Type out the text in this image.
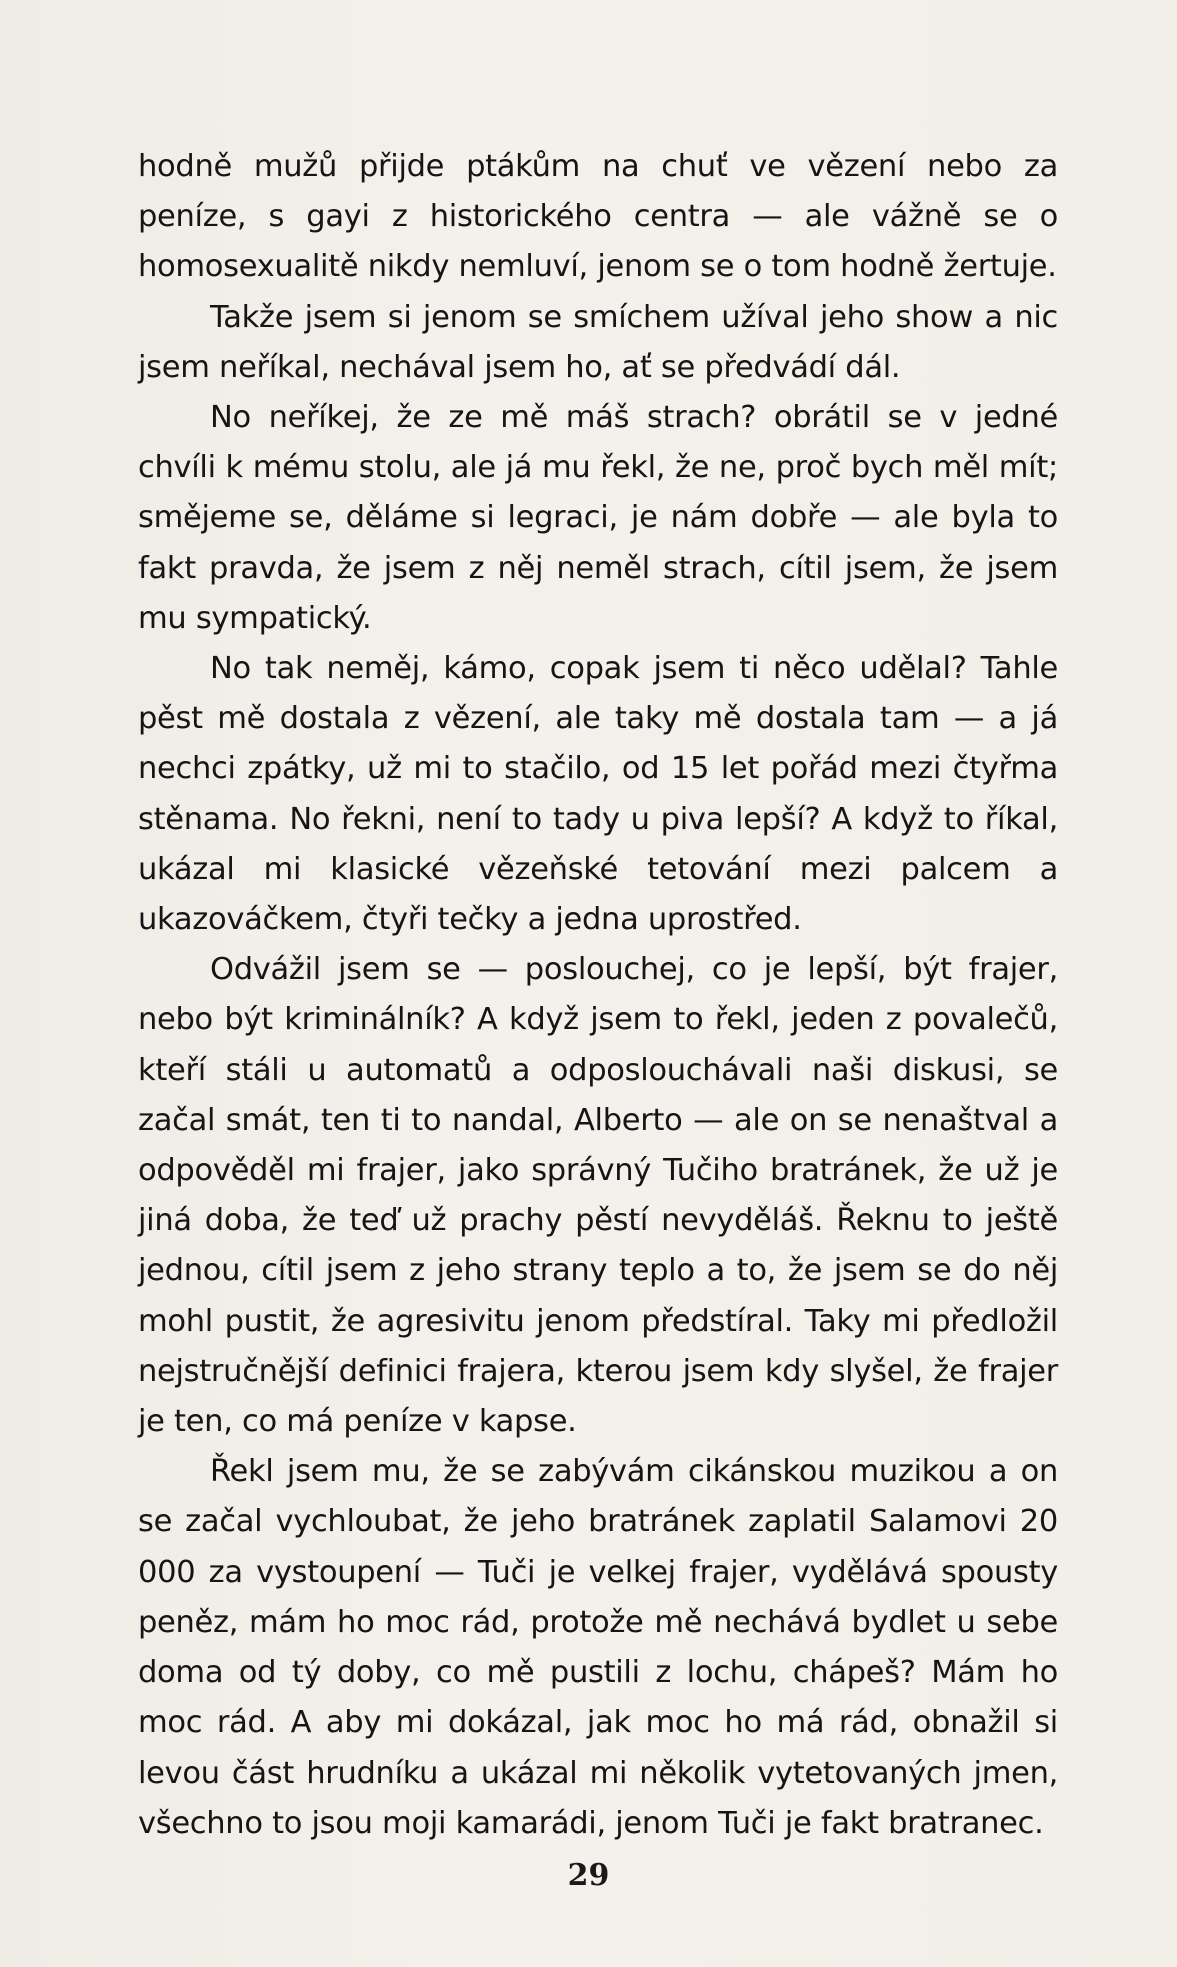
hodně mužů přijde ptákům na chuť ve vězení nebo za peníze, s gayi z historického centra — ale vážně se o homosexualitě nikdy nemluví, jenom se o tom hodně žertuje.

Takže jsem si jenom se smíchem užíval jeho show a nic jsem neříkal, nechával jsem ho, ať se předvádí dál.

No neříkej, že ze mě máš strach? obrátil se v jedné chvíli k mému stolu, ale já mu řekl, že ne, proč bych měl mít; smějeme se, děláme si legraci, je nám dobře — ale byla to fakt pravda, že jsem z něj neměl strach, cítil jsem, že jsem mu sympatický.

No tak neměj, kámo, copak jsem ti něco udělal? Tahle pěst mě dostala z vězení, ale taky mě dostala tam — a já nechci zpátky, už mi to stačilo, od 15 let pořád mezi čtyřma stěnama. No řekni, není to tady u piva lepší? A když to říkal, ukázal mi klasické vězeňské tetování mezi palcem a ukazováčkem, čtyři tečky a jedna uprostřed.

Odvážil jsem se — poslouchej, co je lepší, být frajer, nebo být kriminálník? A když jsem to řekl, jeden z povalečů, kteří stáli u automatů a odposlouchávali naši diskusi, se začal smát, ten ti to nandal, Alberto — ale on se nenaštval a odpověděl mi frajer, jako správný Tučiho bratránek, že už je jiná doba, že teď už prachy pěstí nevyděláš. Řeknu to ještě jednou, cítil jsem z jeho strany teplo a to, že jsem se do něj mohl pustit, že agresivitu jenom předstíral. Taky mi předložil nejstručnější definici frajera, kterou jsem kdy slyšel, že frajer je ten, co má peníze v kapse.

Řekl jsem mu, že se zabývám cikánskou muzikou a on se začal vychloubat, že jeho bratránek zaplatil Salamovi 20 000 za vystoupení — Tuči je velkej frajer, vydělává spousty peněz, mám ho moc rád, protože mě nechává bydlet u sebe doma od tý doby, co mě pustili z lochu, chápeš? Mám ho moc rád. A aby mi dokázal, jak moc ho má rád, obnažil si levou část hrudníku a ukázal mi několik vytetovaných jmen, všechno to jsou moji kamarádi, jenom Tuči je fakt bratranec.

29
